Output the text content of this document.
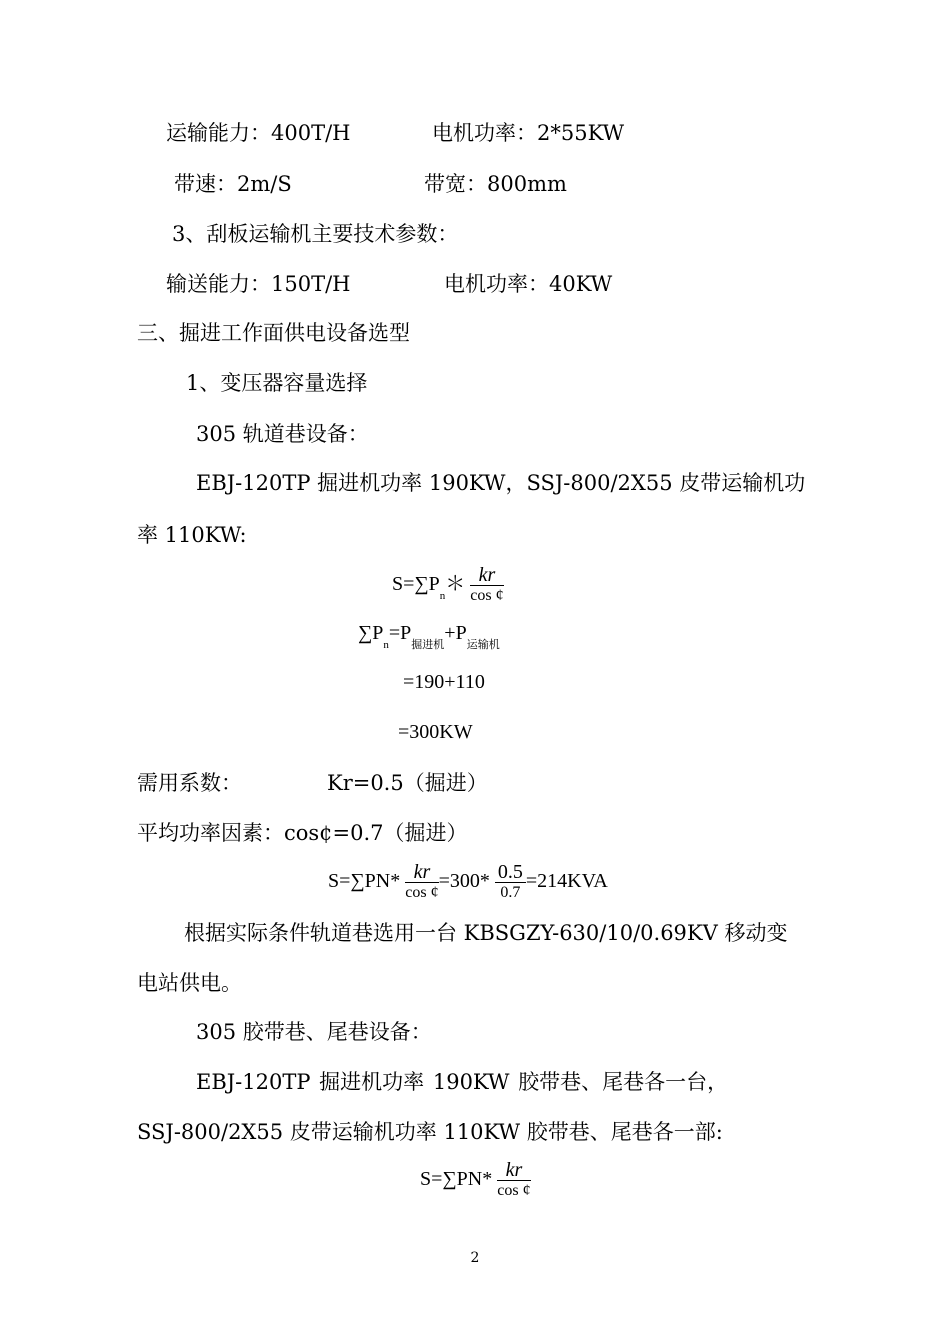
运输能力：400T/H	电机功率：2*55KW
带速：2m/S	带宽：800mm
3、刮板运输机主要技术参数：
输送能力：150T/H	电机功率：40KW
三、掘进工作面供电设备选型
1、变压器容量选择
305 轨道巷设备：
EBJ-120TP 掘进机功率 190KW，SSJ-800/2X55 皮带运输机功
率 110KW:
$S=\sum P_n* \frac{kr}{\cos ¢}$
$\sum P_n=P_{掘进机}+P_{运输机}$
=190+110
=300KW
需用系数：	Kr=0.5（掘进）
平均功率因素：cos¢=0.7（掘进）
$S=\sum PN* \frac{kr}{\cos ¢} =300* \frac{0.5}{0.7} =214KVA$
根据实际条件轨道巷选用一台 KBSGZY-630/10/0.69KV 移动变
电站供电。
305 胶带巷、尾巷设备：
EBJ-120TP 掘进机功率 190KW 胶带巷、尾巷各一台，
SSJ-800/2X55 皮带运输机功率 110KW 胶带巷、尾巷各一部:
$S=\sum PN* \frac{kr}{\cos ¢}$
2
